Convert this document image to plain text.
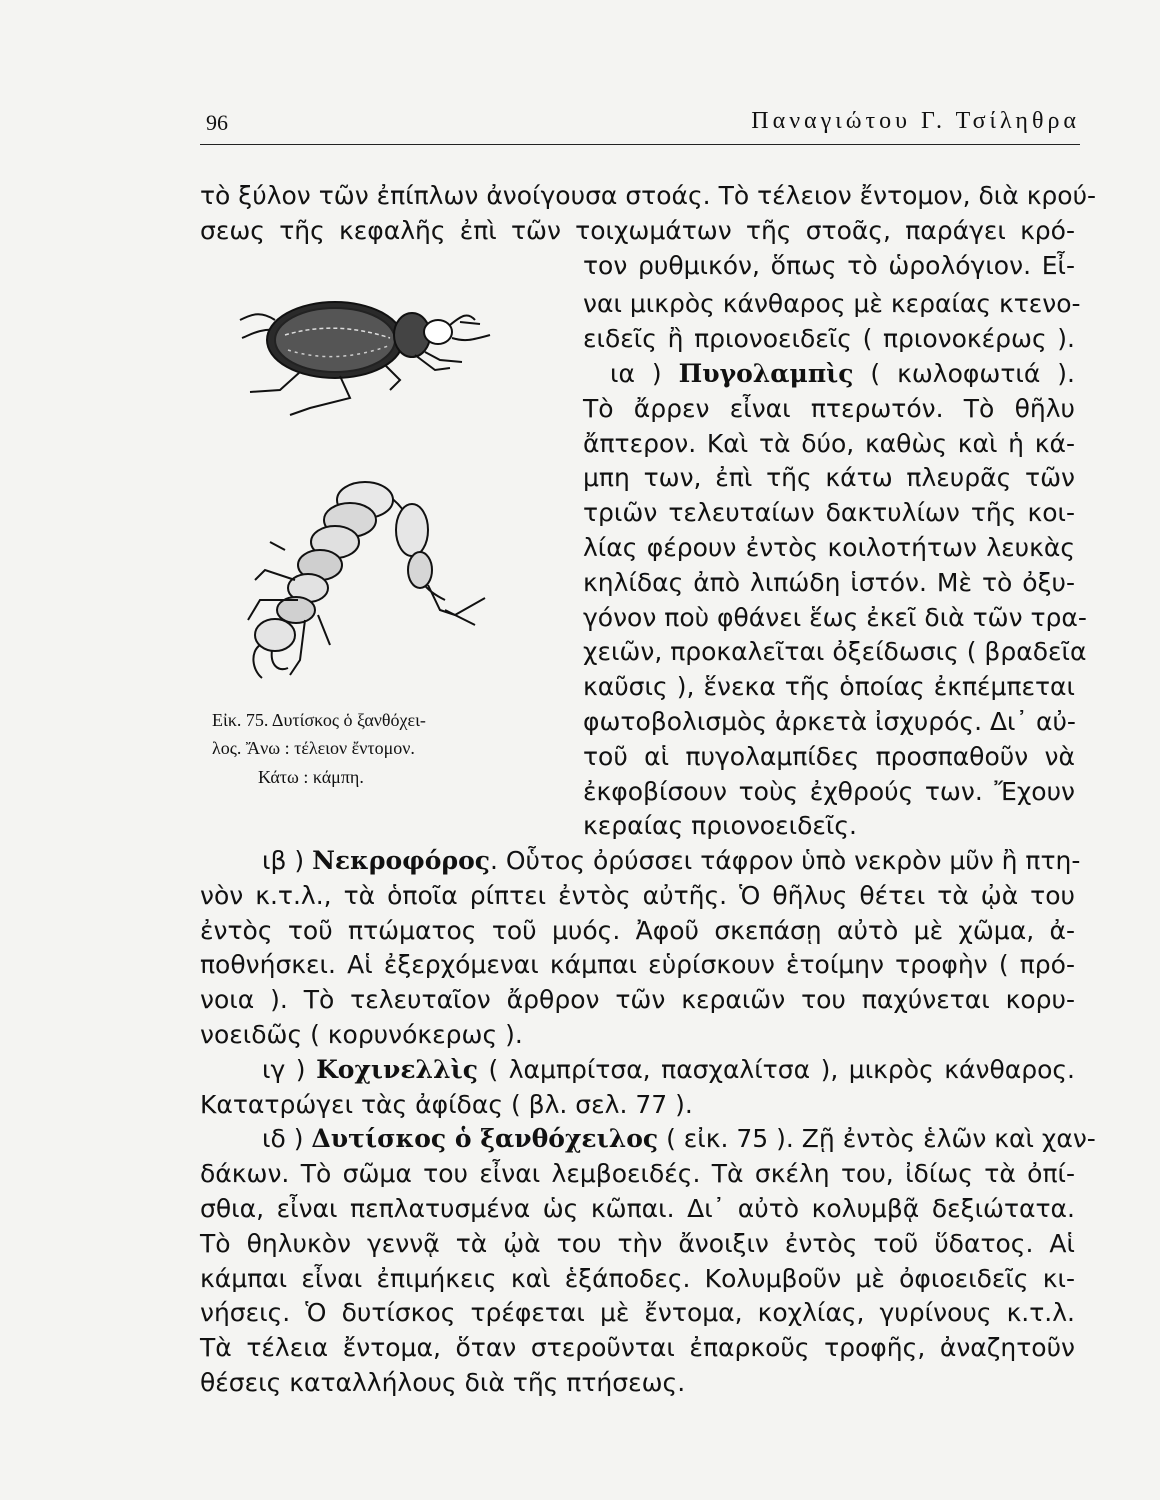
96	Παναγιώτου Γ. Τσίληθρα
Εἰκ. 75. Δυτίσκος ὁ ξανθόχει-
λος. Ἄνω : τέλειον ἔντομον.
Κάτω : κάμπη.
τὸ ξύλον τῶν ἐπίπλων ἀνοίγουσα στοάς. Τὸ τέλειον ἔντομον, διὰ κρού-
σεως τῆς κεφαλῆς ἐπὶ τῶν τοιχωμάτων τῆς στοᾶς, παράγει κρό-
τον ρυθμικόν, ὅπως τὸ ὡρολόγιον. Εἶ-
ναι μικρὸς κάνθαρος μὲ κεραίας κτενο-
ειδεῖς ἢ πριονοειδεῖς ( πριονοκέρως ).
ια ) Πυγολαμπὶς ( κωλοφωτιά ).
Τὸ ἄρρεν εἶναι πτερωτόν. Τὸ θῆλυ
ἄπτερον. Καὶ τὰ δύο, καθὼς καὶ ἡ κά-
μπη των, ἐπὶ τῆς κάτω πλευρᾶς τῶν
τριῶν τελευταίων δακτυλίων τῆς κοι-
λίας φέρουν ἐντὸς κοιλοτήτων λευκὰς
κηλίδας ἀπὸ λιπώδη ἱστόν. Μὲ τὸ ὀξυ-
γόνον ποὺ φθάνει ἕως ἐκεῖ διὰ τῶν τρα-
χειῶν, προκαλεῖται ὀξείδωσις ( βραδεῖα
καῦσις ), ἕνεκα τῆς ὁποίας ἐκπέμπεται
φωτοβολισμὸς ἀρκετὰ ἰσχυρός. Δι᾿ αὐ-
τοῦ αἱ πυγολαμπίδες προσπαθοῦν νὰ
ἐκφοβίσουν τοὺς ἐχθρούς των. Ἔχουν
κεραίας πριονοειδεῖς.
ιβ ) Νεκροφόρος. Οὗτος ὀρύσσει τάφρον ὑπὸ νεκρὸν μῦν ἢ πτη-
νὸν κ.τ.λ., τὰ ὁποῖα ρίπτει ἐντὸς αὐτῆς. Ὁ θῆλυς θέτει τὰ ᾠὰ του
ἐντὸς τοῦ πτώματος τοῦ μυός. Ἀφοῦ σκεπάσῃ αὐτὸ μὲ χῶμα, ἀ-
ποθνήσκει. Αἱ ἐξερχόμεναι κάμπαι εὑρίσκουν ἑτοίμην τροφὴν ( πρό-
νοια ). Τὸ τελευταῖον ἄρθρον τῶν κεραιῶν του παχύνεται κορυ-
νοειδῶς ( κορυνόκερως ).
ιγ ) Κοχινελλὶς ( λαμπρίτσα, πασχαλίτσα ), μικρὸς κάνθαρος.
Κατατρώγει τὰς ἀφίδας ( βλ. σελ. 77 ).
ιδ ) Δυτίσκος ὁ ξανθόχειλος ( εἰκ. 75 ). Ζῇ ἐντὸς ἑλῶν καὶ χαν-
δάκων. Τὸ σῶμα του εἶναι λεμβοειδές. Τὰ σκέλη του, ἰδίως τὰ ὀπί-
σθια, εἶναι πεπλατυσμένα ὡς κῶπαι. Δι᾿ αὐτὸ κολυμβᾷ δεξιώτατα.
Τὸ θηλυκὸν γεννᾷ τὰ ᾠὰ του τὴν ἄνοιξιν ἐντὸς τοῦ ὕδατος. Αἱ
κάμπαι εἶναι ἐπιμήκεις καὶ ἑξάποδες. Κολυμβοῦν μὲ ὀφιοειδεῖς κι-
νήσεις. Ὁ δυτίσκος τρέφεται μὲ ἔντομα, κοχλίας, γυρίνους κ.τ.λ.
Τὰ τέλεια ἔντομα, ὅταν στεροῦνται ἐπαρκοῦς τροφῆς, ἀναζητοῦν
θέσεις καταλλήλους διὰ τῆς πτήσεως.
